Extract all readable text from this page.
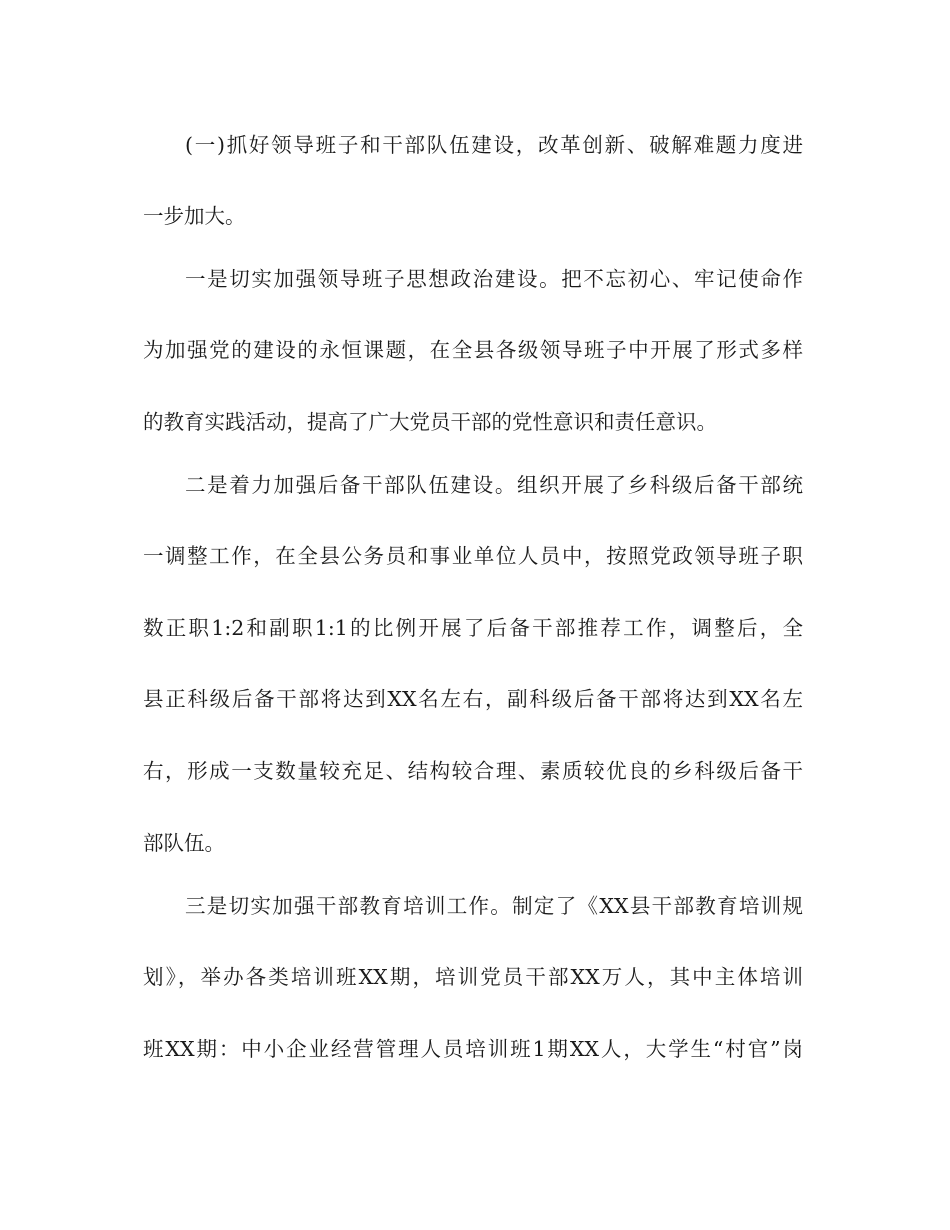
(一)抓好领导班子和干部队伍建设，改革创新、破解难题力度进
一步加大。
一是切实加强领导班子思想政治建设。把不忘初心、牢记使命作
为加强党的建设的永恒课题，在全县各级领导班子中开展了形式多样
的教育实践活动，提高了广大党员干部的党性意识和责任意识。
二是着力加强后备干部队伍建设。组织开展了乡科级后备干部统
一调整工作，在全县公务员和事业单位人员中，按照党政领导班子职
数正职1:2和副职1:1的比例开展了后备干部推荐工作，调整后，全
县正科级后备干部将达到XX名左右，副科级后备干部将达到XX名左
右，形成一支数量较充足、结构较合理、素质较优良的乡科级后备干
部队伍。
三是切实加强干部教育培训工作。制定了《XX县干部教育培训规
划》，举办各类培训班XX期，培训党员干部XX万人，其中主体培训
班XX期：中小企业经营管理人员培训班1期XX人，大学生“村官”岗
